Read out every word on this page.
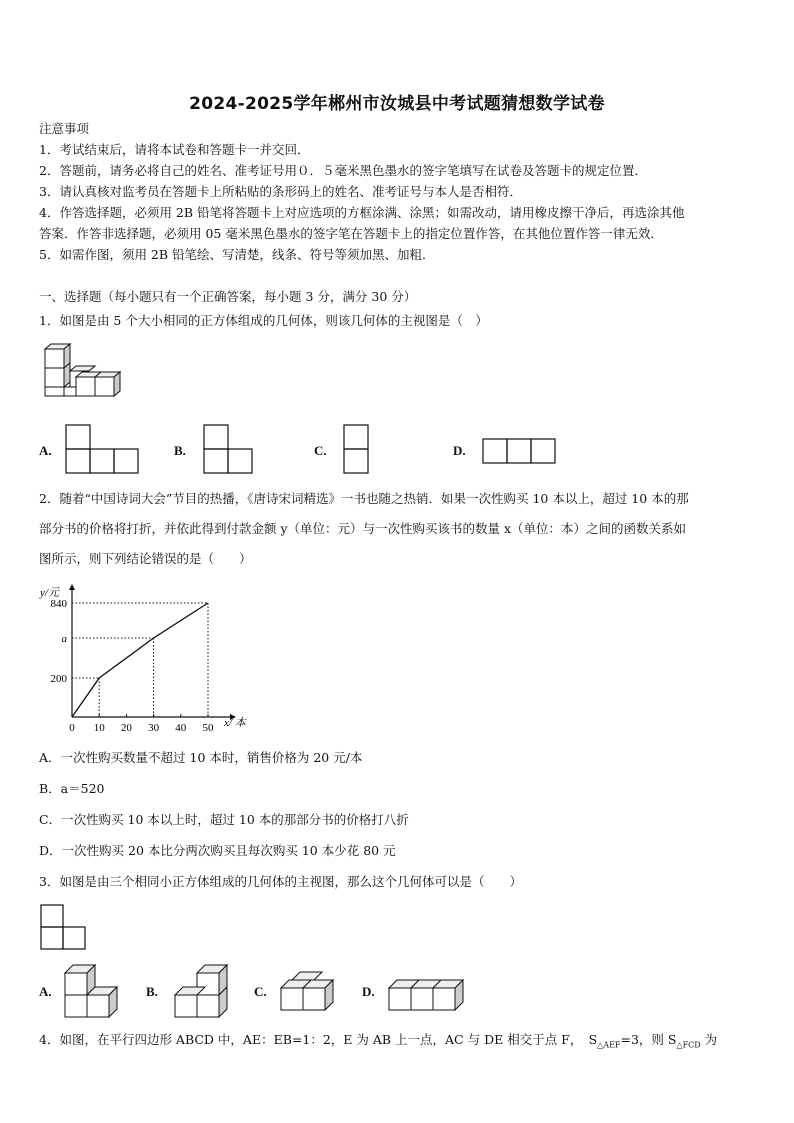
2024-2025学年郴州市汝城县中考试题猜想数学试卷
注意事项
1．考试结束后，请将本试卷和答题卡一并交回．
2．答题前，请务必将自己的姓名、准考证号用０．５毫米黑色墨水的签字笔填写在试卷及答题卡的规定位置．
3．请认真核对监考员在答题卡上所粘贴的条形码上的姓名、准考证号与本人是否相符．
4．作答选择题，必须用 2B 铅笔将答题卡上对应选项的方框涂满、涂黑；如需改动，请用橡皮擦干净后，再选涂其他
答案．作答非选择题，必须用 05 毫米黑色墨水的签字笔在答题卡上的指定位置作答，在其他位置作答一律无效．
5．如需作图，须用 2B 铅笔绘、写清楚，线条、符号等须加黑、加粗．
一、选择题（每小题只有一个正确答案，每小题 3 分，满分 30 分）
1．如图是由 5 个大小相同的正方体组成的几何体，则该几何体的主视图是（　）
A.	B.	C.	D.
2．随着“中国诗词大会”节目的热播，《唐诗宋词精选》一书也随之热销．如果一次性购买 10 本以上，超过 10 本的那
部分书的价格将打折，并依此得到付款金额 y（单位：元）与一次性购买该书的数量 x（单位：本）之间的函数关系如
图所示，则下列结论错误的是（　　）
x/ 本
y/元
0 10 20 30 40 50
200
a
840
A．一次性购买数量不超过 10 本时，销售价格为 20 元/本
B．a＝520
C．一次性购买 10 本以上时，超过 10 本的那部分书的价格打八折
D．一次性购买 20 本比分两次购买且每次购买 10 本少花 80 元
3．如图是由三个相同小正方体组成的几何体的主视图，那么这个几何体可以是（　　）
A.	B.	C.	D.
4．如图，在平行四边形 ABCD 中，AE：EB=1：2，E 为 AB 上一点，AC 与 DE 相交于点 F，　$S_{\triangle AEF}=3$，则 $S_{\triangle FCD}$ 为
